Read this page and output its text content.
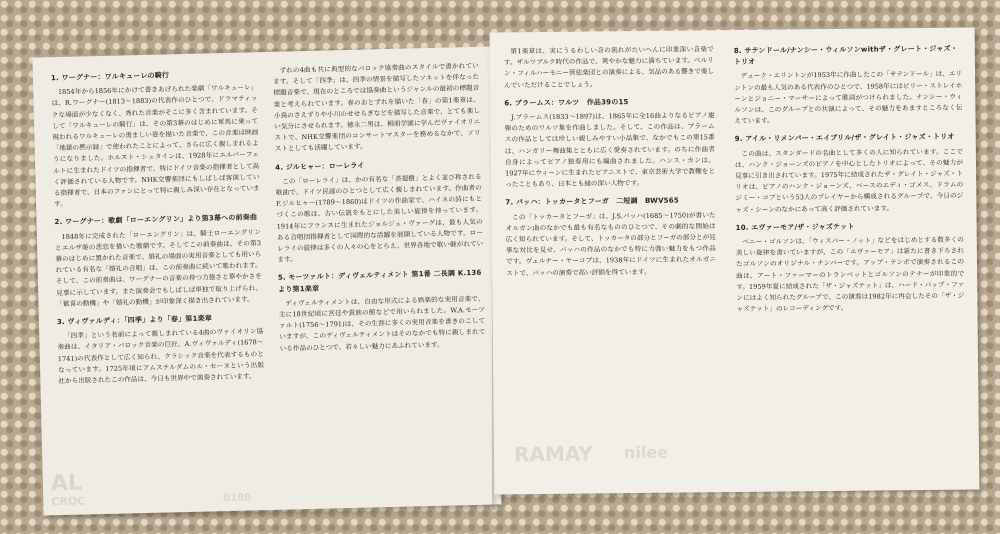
1. ワーグナー：ワルキューレの騎行

1854年から1856年にかけて書きあげられた楽劇「ワルキューレ」は、R.ワーグナー(1813〜1883)の代表作のひとつで、ドラマティックな場面が少なくなく、秀れた音楽がそこに多く含まれています。そして「ワルキューレの騎行」は、その第3幕のはじめに軍馬に乗って現われるワルキューレの勇ましい姿を描いた音楽で、この音楽は映画「地獄の黙示録」で使われたことによって、さらに広く親しまれるようになりました。ホルスト・シュタインは、1928年にエルバーフェルトに生まれたドイツの指揮者で、特にドイツ音楽の指揮者として高く評価されている人物です。NHK交響楽団にもしばしば客演している指揮者で、日本のファンにとって特に親しみ深い存在となっています。

2. ワーグナー：歌劇「ローエングリン」より第3幕への前奏曲

1848年に完成された「ローエングリン」は、騎士ローエングリンとエルザ姫の悲恋を描いた歌劇です。そしてこの前奏曲は、その第3幕のはじめに置かれた音楽で、婚礼の場面の実用音楽としても用いられている有名な「婚礼の合唱」は、この前奏曲に続いて歌われます。そして、この前奏曲は、ワーグナーの音楽の持つ力強さと華やかさを見事に示しています。また演奏会でもしばしば単独で取り上げられ、「歓喜の動機」や「婚礼の動機」が印象深く描き出されています。

3. ヴィヴァルディ：「四季」より「春」第1楽章

「四季」という名前によって親しまれている4曲のヴァイオリン協奏曲は、イタリア・バロック音楽の巨匠、A.ヴィヴァルディ(1678〜1741)の代表作として広く知られ、クラシック音楽を代表するものとなっています。1725年頃にアムステルダムのル・セーヌという出版社から出版されたこの作品は、今日も世界中で演奏されています。

ずれの4曲も共に典型的なバロック協奏曲のスタイルで書かれています。そして「四季」は、四季の情景を描写したソネットを伴なった標題音楽で、現在のところでは協奏曲というジャンルの最初の標題音楽と考えられています。春のおとずれを描いた「春」の第1楽章は、小鳥のさえずりや小川のせせらぎなどを描写した音楽で、とても楽しい気分にさせられます。徳永二男は、桐朋学園に学んだヴァイオリニストで、NHK交響楽団のコンサートマスターを務めるなかで、ソリストとしても活躍しています。

4. ジルヒャー：ローレライ

この「ローレライ」は、かの有名な「菩提樹」とよく並び称される歌曲で、ドイツ民謡のひとつとして広く親しまれています。作曲者のF.ジルヒャー(1789〜1860)はドイツの作曲家で、ハイネの詩にもとづくこの歌は、古い伝説をもとにした美しい旋律を持っています。1914年にフランスに生まれたジョルジュ・ヴァーグは、最も人気のある合唱団指揮者として国際的な活躍を展開している人物です。ローレライの旋律は多くの人々の心をとらえ、世界各地で歌い継がれています。

5. モーツァルト：ディヴェルティメント 第1番 二長調 K.136より第1楽章

ディヴェルティメントは、自由な形式による娯楽的な実用音楽で、主に18世紀頃に宮廷や貴族の館などで用いられました。W.A.モーツァルト(1756〜1791)は、その生涯に多くの実用音楽を書きのこしていますが、このディヴェルティメントはそのなかでも特に親しまれている作品のひとつで、若々しい魅力にあふれています。

AL
CROC	0180

第1楽章は、実にうるわしい音の流れがたいへんに印象深い音楽です。ザルツブルク時代の作品で、爽やかな魅力に満ちています。ベルリン・フィルハーモニー管弦楽団との演奏による、気品のある響きで楽しんでいただけることでしょう。

6. ブラームス：ワルツ　作品39の15

J.ブラームス(1833〜1897)は、1865年に全16曲よりなるピアノ連弾のためのワルツ集を作曲しました。そして、この作品は、ブラームスの作品としては珍しい親しみやすい小品集で、なかでもこの第15番は、ハンガリー舞曲集とともに広く愛奏されています。のちに作曲者自身によってピアノ独奏用にも編曲されました。ハンス・カンは、1927年にウィーンに生まれたピアニストで、東京芸術大学で教鞭をとったこともあり、日本とも縁の深い人物です。

7. バッハ：トッカータとフーガ　二短調　BWV565

この「トッカータとフーガ」は、J.S.バッハ(1685〜1750)が書いたオルガン曲のなかでも最も有名なもののひとつで、その劇的な開始は広く知られています。そして、トッカータの部分とフーガの部分とが見事な対比を見せ、バッハの作品のなかでも特に力強い魅力をもつ作品です。ヴェルナー・ヤーコプは、1938年にドイツに生まれたオルガニストで、バッハの演奏で高い評価を得ています。

8. サテンドール/ナンシー・ウィルソンwithザ・グレート・ジャズ・トリオ

デューク・エリントンが1953年に作曲したこの「サテンドール」は、エリントンの最も人気のある代表作のひとつで、1958年にはビリー・ストレイホーンとジョニー・マーサーによって歌詞がつけられました。ナンシー・ウィルソンは、このグループとの共演によって、その魅力をあますところなく伝えています。

9. アイル・リメンバー・エイプリル/ザ・グレイト・ジャズ・トリオ

この曲は、スタンダードの名曲として多くの人に知られています。ここでは、ハンク・ジョーンズのピアノを中心としたトリオによって、その魅力が見事に引き出されています。1975年に結成されたザ・グレイト・ジャズ・トリオは、ピアノのハンク・ジョーンズ、ベースのエディ・ゴメス、ドラムのジミー・コブという53人のプレイヤーから構成されるグループで、今日のジャズ・シーンのなかにあって高く評価されています。

10. エヴァーモア/ザ・ジャズテット

ベニー・ゴルソンは、「ウィスパー・ノット」などをはじめとする数多くの美しい旋律を書いていますが、この「エヴァーモア」は新たに書き下ろされたゴルソンのオリジナル・ナンバーです。アップ・テンポで演奏されるこの曲は、アート・ファーマーのトランペットとゴルソンのテナーが印象的です。1959年夏に結成された「ザ・ジャズテット」は、ハード・バップ・ファンにはよく知られたグループで、この演奏は1982年に再会したその「ザ・ジャズテット」のレコーディングです。

RAMAY nilee
